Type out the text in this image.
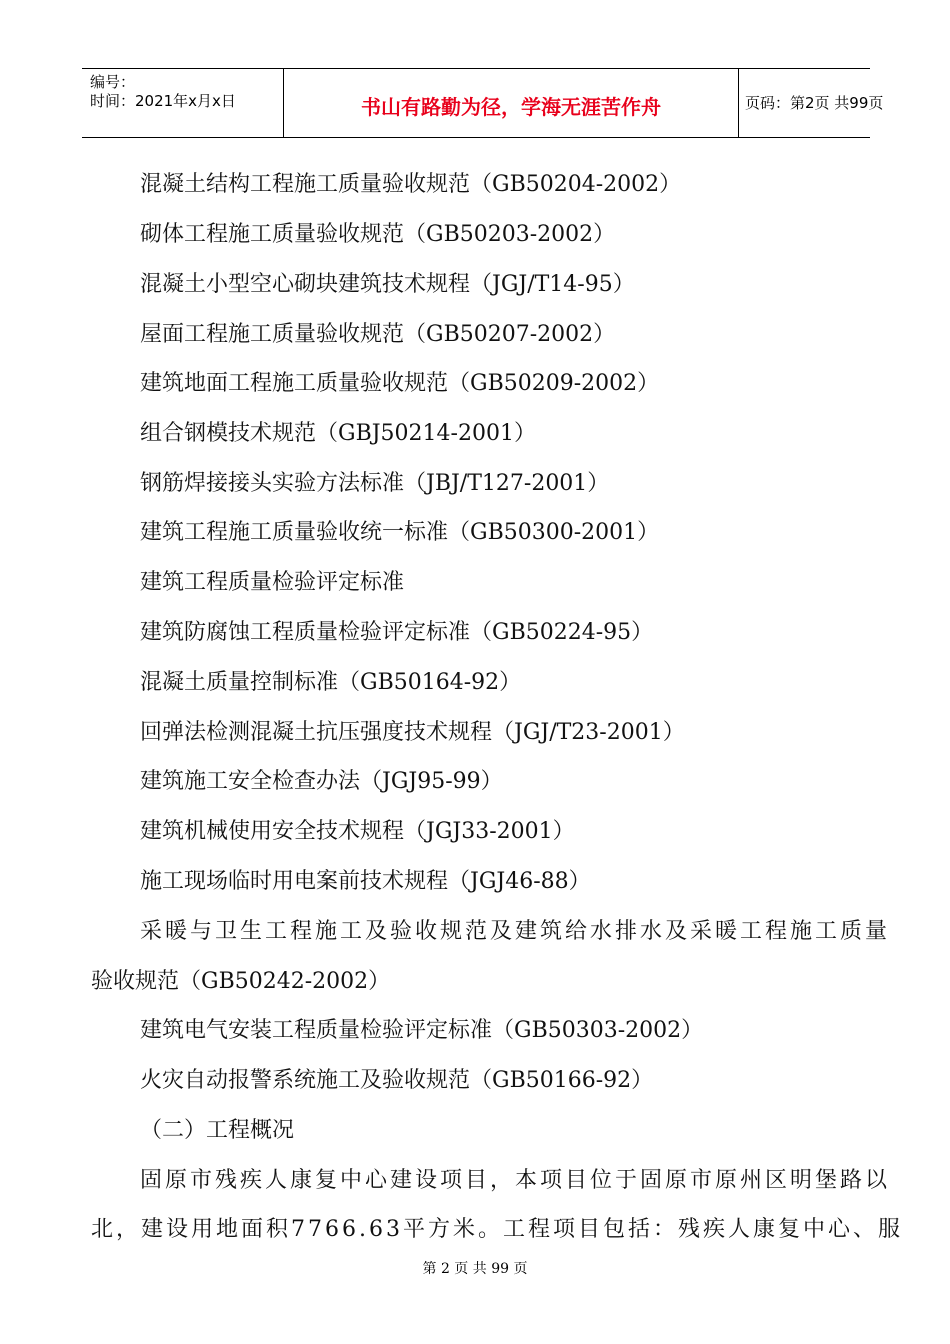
编号：
时间：2021年x月x日	书山有路勤为径，学海无涯苦作舟	页码：第2页 共99页
混凝土结构工程施工质量验收规范（GB50204-2002）
砌体工程施工质量验收规范（GB50203-2002）
混凝土小型空心砌块建筑技术规程（JGJ/T14-95）
屋面工程施工质量验收规范（GB50207-2002）
建筑地面工程施工质量验收规范（GB50209-2002）
组合钢模技术规范（GBJ50214-2001）
钢筋焊接接头实验方法标准（JBJ/T127-2001）
建筑工程施工质量验收统一标准（GB50300-2001）
建筑工程质量检验评定标准
建筑防腐蚀工程质量检验评定标准（GB50224-95）
混凝土质量控制标准（GB50164-92）
回弹法检测混凝土抗压强度技术规程（JGJ/T23-2001）
建筑施工安全检查办法（JGJ95-99）
建筑机械使用安全技术规程（JGJ33-2001）
施工现场临时用电案前技术规程（JGJ46-88）
采暖与卫生工程施工及验收规范及建筑给水排水及采暖工程施工质量
验收规范（GB50242-2002）
建筑电气安装工程质量检验评定标准（GB50303-2002）
火灾自动报警系统施工及验收规范（GB50166-92）
（二）工程概况
固原市残疾人康复中心建设项目，本项目位于固原市原州区明堡路以
北，建设用地面积7766.63平方米。工程项目包括：残疾人康复中心、服
第 2 页 共 99 页
